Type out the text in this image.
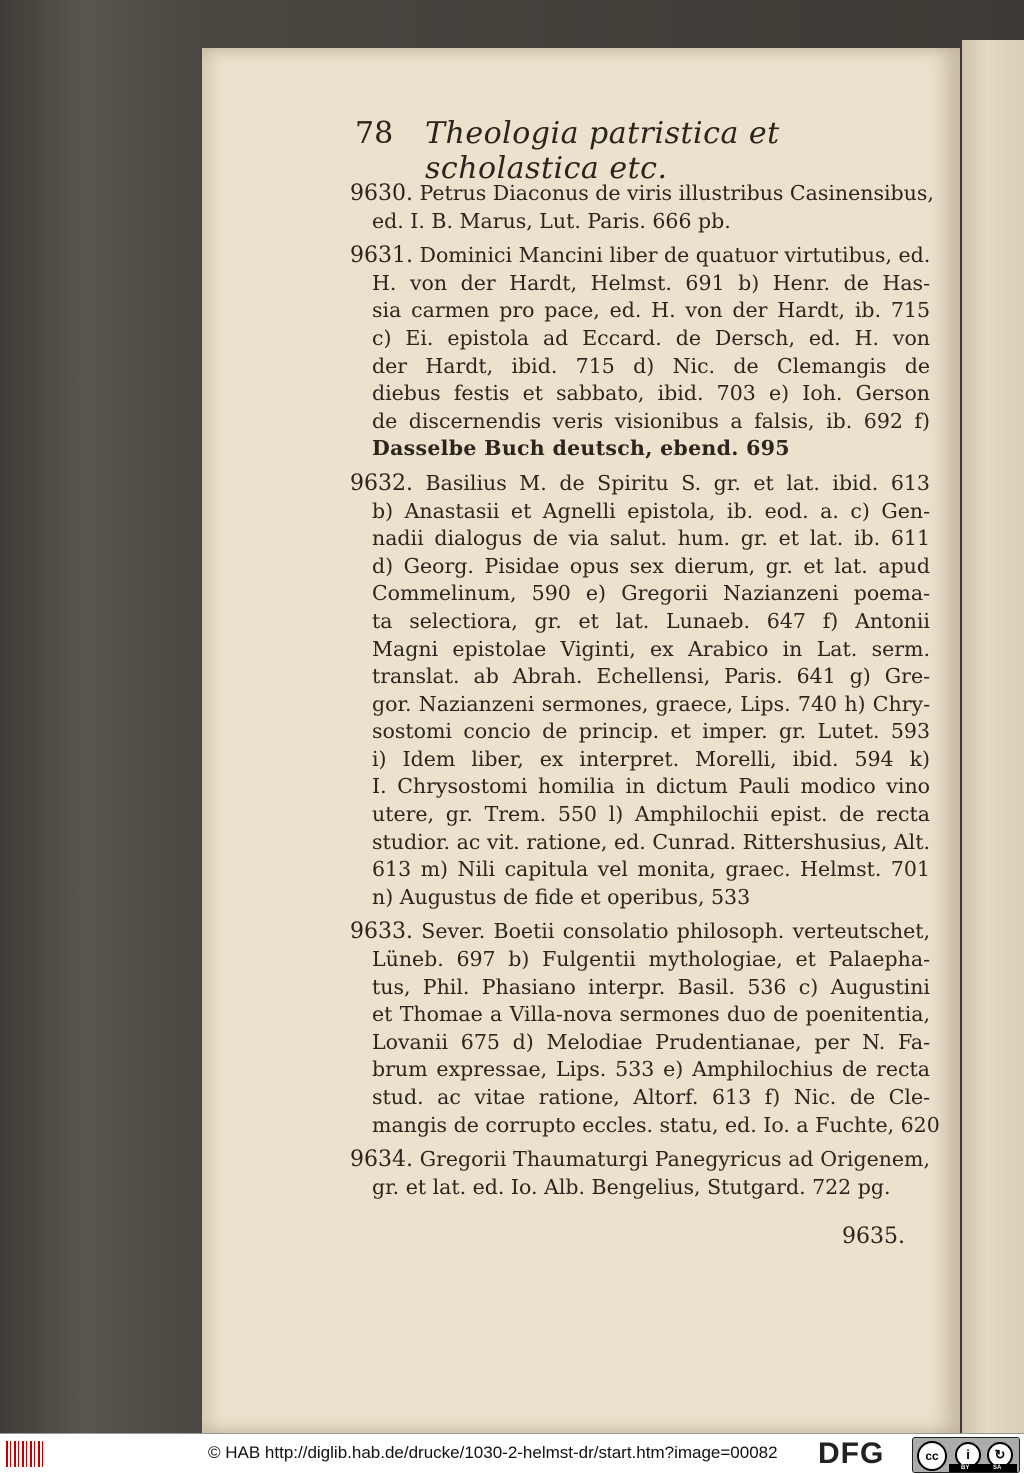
78 Theologia patristica et scholastica etc.
9630. Petrus Diaconus de viris illustribus Casinensibus,
ed. I. B. Marus, Lut. Paris. 666 pb.
9631. Dominici Mancini liber de quatuor virtutibus, ed.
H. von der Hardt, Helmst. 691 b) Henr. de Has-
sia carmen pro pace, ed. H. von der Hardt, ib. 715
c) Ei. epistola ad Eccard. de Dersch, ed. H. von
der Hardt, ibid. 715 d) Nic. de Clemangis de
diebus festis et sabbato, ibid. 703 e) Ioh. Gerson
de discernendis veris visionibus a falsis, ib. 692 f)
Dasselbe Buch deutsch, ebend. 695
9632. Basilius M. de Spiritu S. gr. et lat. ibid. 613
b) Anastasii et Agnelli epistola, ib. eod. a. c) Gen-
nadii dialogus de via salut. hum. gr. et lat. ib. 611
d) Georg. Pisidae opus sex dierum, gr. et lat. apud
Commelinum, 590 e) Gregorii Nazianzeni poema-
ta selectiora, gr. et lat. Lunaeb. 647 f) Antonii
Magni epistolae Viginti, ex Arabico in Lat. serm.
translat. ab Abrah. Echellensi, Paris. 641 g) Gre-
gor. Nazianzeni sermones, graece, Lips. 740 h) Chry-
sostomi concio de princip. et imper. gr. Lutet. 593
i) Idem liber, ex interpret. Morelli, ibid. 594 k)
I. Chrysostomi homilia in dictum Pauli modico vino
utere, gr. Trem. 550 l) Amphilochii epist. de recta
studior. ac vit. ratione, ed. Cunrad. Rittershusius, Alt.
613 m) Nili capitula vel monita, graec. Helmst. 701
n) Augustus de fide et operibus, 533
9633. Sever. Boetii consolatio philosoph. verteutschet,
Lüneb. 697 b) Fulgentii mythologiae, et Palaepha-
tus, Phil. Phasiano interpr. Basil. 536 c) Augustini
et Thomae a Villa-nova sermones duo de poenitentia,
Lovanii 675 d) Melodiae Prudentianae, per N. Fa-
brum expressae, Lips. 533 e) Amphilochius de recta
stud. ac vitae ratione, Altorf. 613 f) Nic. de Cle-
mangis de corrupto eccles. statu, ed. Io. a Fuchte, 620
9634. Gregorii Thaumaturgi Panegyricus ad Origenem,
gr. et lat. ed. Io. Alb. Bengelius, Stutgard. 722 pg.
9635.
© HAB http://diglib.hab.de/drucke/1030-2-helmst-dr/start.htm?image=00082 DFG	cc	i	↻
BY	SA
